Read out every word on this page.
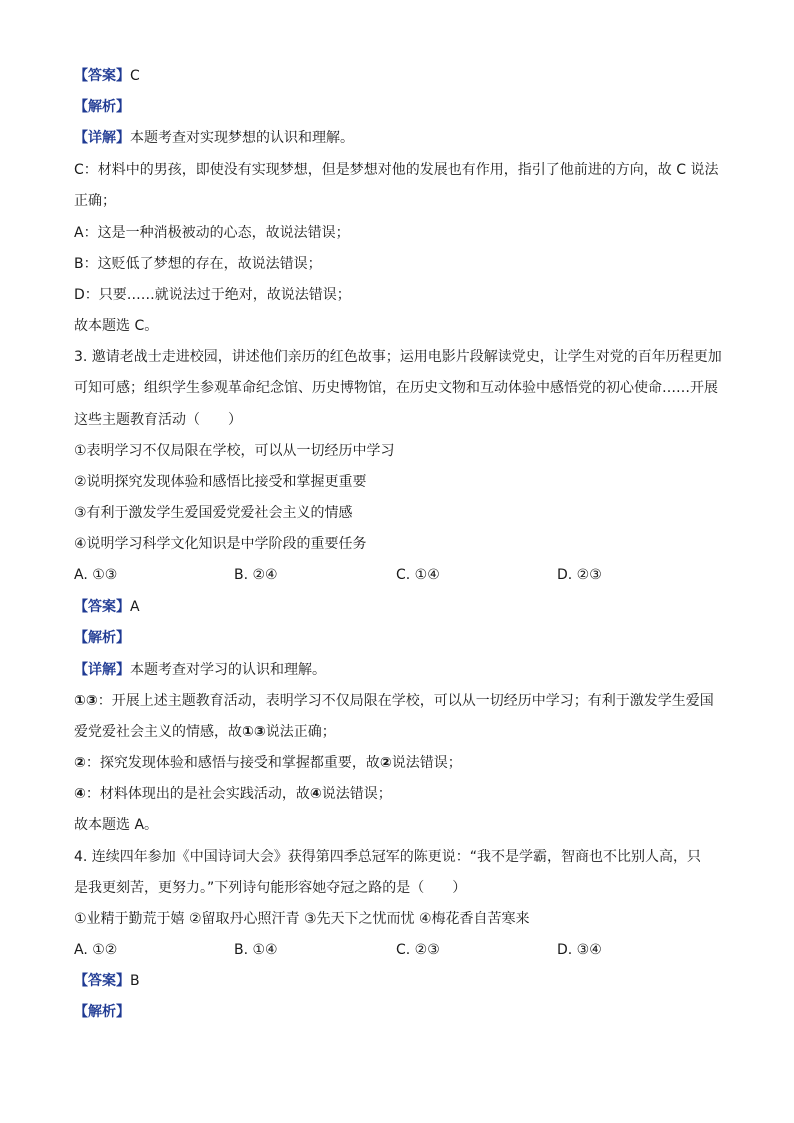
【答案】C
【解析】
【详解】本题考查对实现梦想的认识和理解。
C：材料中的男孩，即使没有实现梦想，但是梦想对他的发展也有作用，指引了他前进的方向，故 C 说法
正确；
A：这是一种消极被动的心态，故说法错误；
B：这贬低了梦想的存在，故说法错误；
D：只要……就说法过于绝对，故说法错误；
故本题选 C。
3. 邀请老战士走进校园，讲述他们亲历的红色故事；运用电影片段解读党史，让学生对党的百年历程更加
可知可感；组织学生参观革命纪念馆、历史博物馆，在历史文物和互动体验中感悟党的初心使命……开展
这些主题教育活动（　　）
①表明学习不仅局限在学校，可以从一切经历中学习
②说明探究发现体验和感悟比接受和掌握更重要
③有利于激发学生爱国爱党爱社会主义的情感
④说明学习科学文化知识是中学阶段的重要任务
A. ①③	B. ②④	C. ①④	D. ②③
【答案】A
【解析】
【详解】本题考查对学习的认识和理解。
①③：开展上述主题教育活动，表明学习不仅局限在学校，可以从一切经历中学习；有利于激发学生爱国
爱党爱社会主义的情感，故①③说法正确；
②：探究发现体验和感悟与接受和掌握都重要，故②说法错误；
④：材料体现出的是社会实践活动，故④说法错误；
故本题选 A。
4. 连续四年参加《中国诗词大会》获得第四季总冠军的陈更说：“我不是学霸，智商也不比别人高，只
是我更刻苦，更努力。”下列诗句能形容她夺冠之路的是（　　）
①业精于勤荒于嬉 ②留取丹心照汗青 ③先天下之忧而忧 ④梅花香自苦寒来
A. ①②	B. ①④	C. ②③	D. ③④
【答案】B
【解析】
